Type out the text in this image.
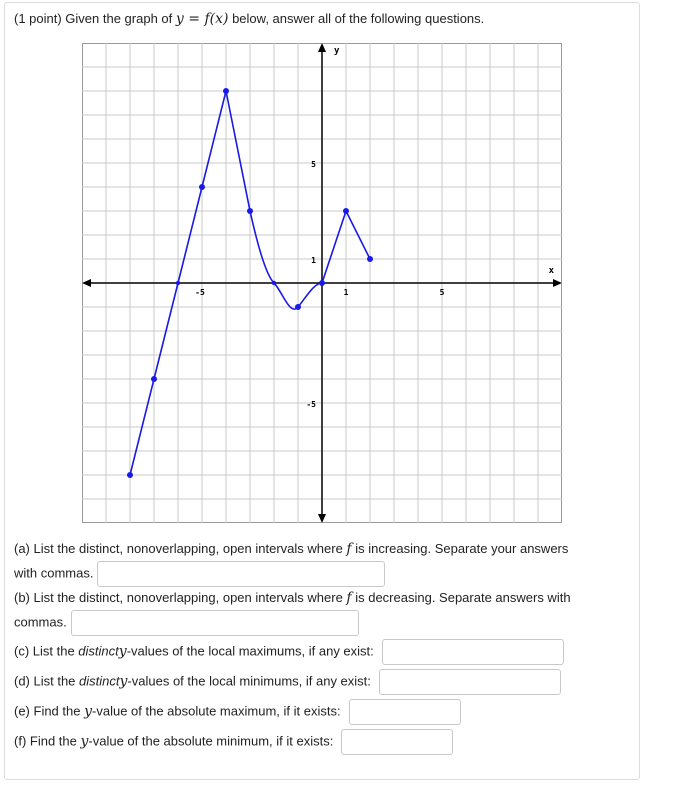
(1 point) Given the graph of y = f(x) below, answer all of the following questions.
-5	1	5
5
1
-5
y
x
(a) List the distinct, nonoverlapping, open intervals where f is increasing. Separate your answers
with commas.
(b) List the distinct, nonoverlapping, open intervals where f is decreasing. Separate answers with
commas.
(c) List the distincty-values of the local maximums, if any exist:
(d) List the distincty-values of the local minimums, if any exist:
(e) Find the y-value of the absolute maximum, if it exists:
(f) Find the y-value of the absolute minimum, if it exists:
